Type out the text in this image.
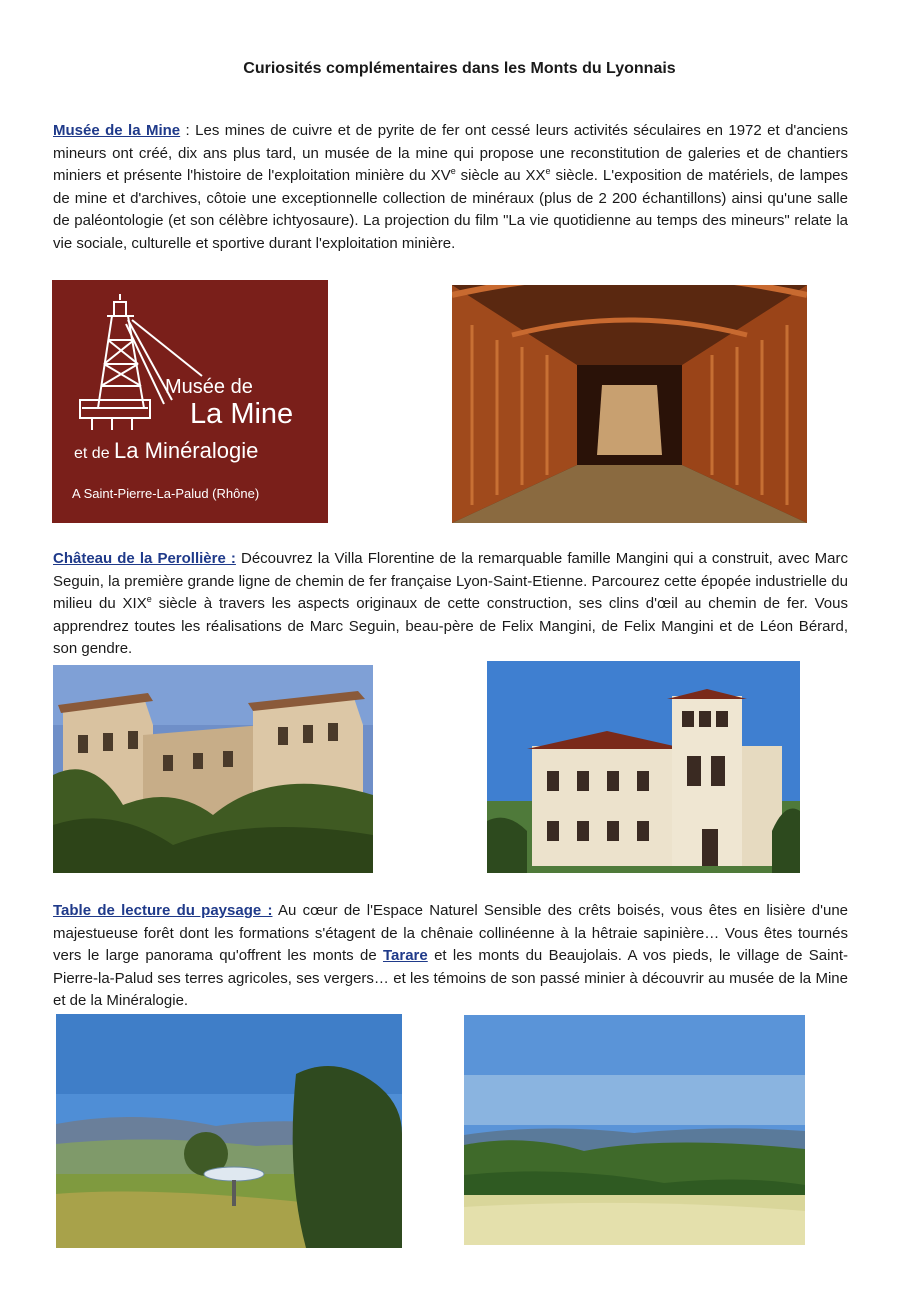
Curiosités complémentaires dans les Monts du Lyonnais

Musée de la Mine : Les mines de cuivre et de pyrite de fer ont cessé leurs activités séculaires en 1972 et d'anciens mineurs ont créé, dix ans plus tard, un musée de la mine qui propose une reconstitution de galeries et de chantiers miniers et présente l'histoire de l'exploitation minière du XVe siècle au XXe siècle. L'exposition de matériels, de lampes de mine et d'archives, côtoie une exceptionnelle collection de minéraux (plus de 2 200 échantillons) ainsi qu'une salle de paléontologie (et son célèbre ichtyosaure). La projection du film "La vie quotidienne au temps des mineurs" relate la vie sociale, culturelle et sportive durant l'exploitation minière.

Musée de
La Mine
et de La Minéralogie
A Saint-Pierre-La-Palud (Rhône)

Château de la Perollière : Découvrez la Villa Florentine de la remarquable famille Mangini qui a construit, avec Marc Seguin, la première grande ligne de chemin de fer française Lyon-Saint-Etienne. Parcourez cette épopée industrielle du milieu du XIXe siècle à travers les aspects originaux de cette construction, ses clins d'œil au chemin de fer. Vous apprendrez toutes les réalisations de Marc Seguin, beau-père de Felix Mangini, de Felix Mangini et de Léon Bérard, son gendre.

Table de lecture du paysage : Au cœur de l'Espace Naturel Sensible des crêts boisés, vous êtes en lisière d'une majestueuse forêt dont les formations s'étagent de la chênaie collinéenne à la hêtraie sapinière… Vous êtes tournés vers le large panorama qu'offrent les monts de Tarare et les monts du Beaujolais. A vos pieds, le village de Saint-Pierre-la-Palud ses terres agricoles, ses vergers… et les témoins de son passé minier à découvrir au musée de la Mine et de la Minéralogie.
